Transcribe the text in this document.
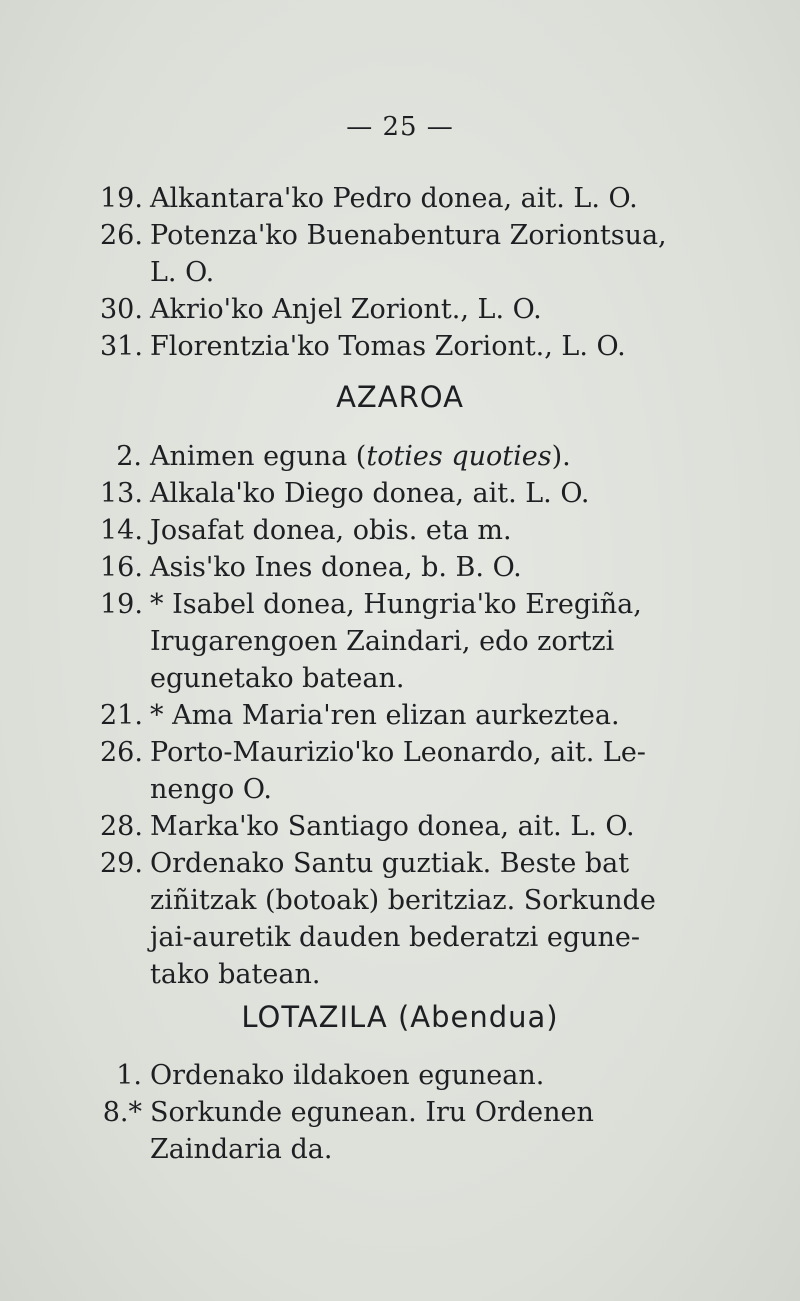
— 25 —
19. Alkantara'ko Pedro donea, ait. L. O.
26. Potenza'ko Buenabentura Zoriontsua,
L. O.
30. Akrio'ko Anjel Zoriont., L. O.
31. Florentzia'ko Tomas Zoriont., L. O.
AZAROA
2. Animen eguna (toties quoties).
13. Alkala'ko Diego donea, ait. L. O.
14. Josafat donea, obis. eta m.
16. Asis'ko Ines donea, b. B. O.
19. * Isabel donea, Hungria'ko Eregiña,
Irugarengoen Zaindari, edo zortzi
egunetako batean.
21. * Ama Maria'ren elizan aurkeztea.
26. Porto-Maurizio'ko Leonardo, ait. Le-
nengo O.
28. Marka'ko Santiago donea, ait. L. O.
29. Ordenako Santu guztiak. Beste bat
ziñitzak (botoak) beritziaz. Sorkunde
jai-auretik dauden bederatzi egune-
tako batean.
LOTAZILA (Abendua)
1. Ordenako ildakoen egunean.
8.* Sorkunde egunean. Iru Ordenen
Zaindaria da.
